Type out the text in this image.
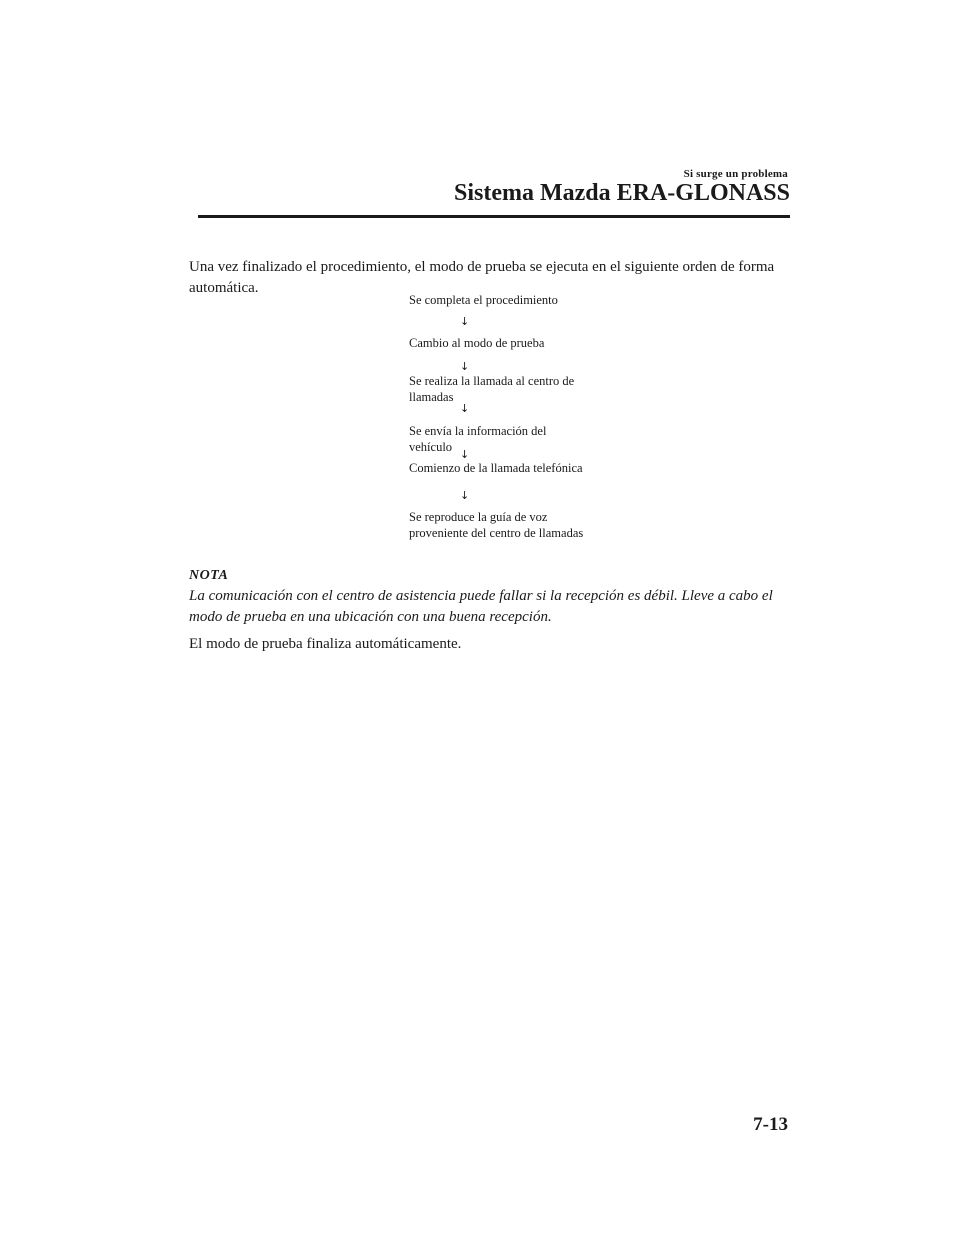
Si surge un problema
Sistema Mazda ERA-GLONASS
Una vez finalizado el procedimiento, el modo de prueba se ejecuta en el siguiente orden de forma automática.
Se completa el procedimiento
↓
Cambio al modo de prueba
↓
Se realiza la llamada al centro de llamadas
↓
Se envía la información del vehículo
↓
Comienzo de la llamada telefónica
↓
Se reproduce la guía de voz proveniente del centro de llamadas
NOTA
La comunicación con el centro de asistencia puede fallar si la recepción es débil. Lleve a cabo el modo de prueba en una ubicación con una buena recepción.
El modo de prueba finaliza automáticamente.
7-13
